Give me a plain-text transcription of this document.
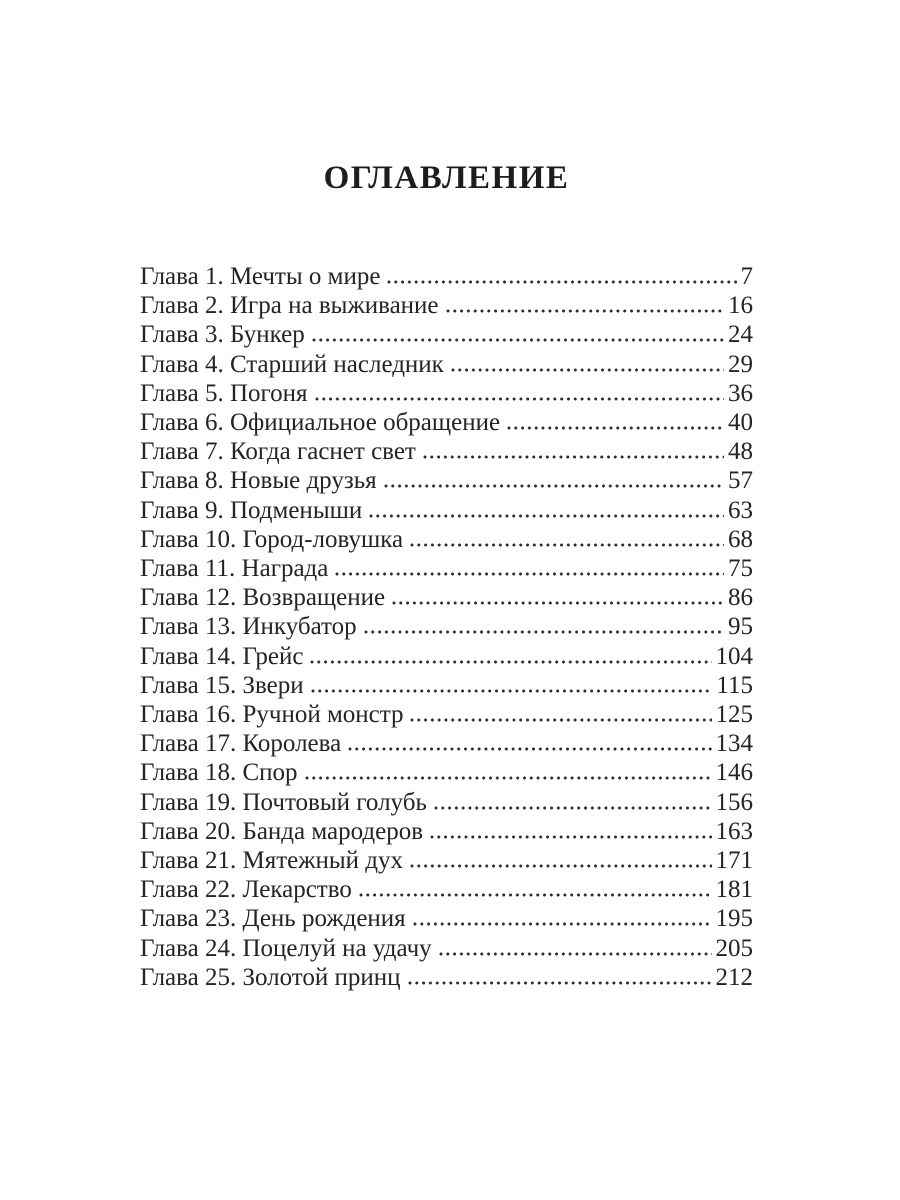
ОГЛАВЛЕНИЕ
Глава 1. Мечты о мире	7
Глава 2. Игра на выживание	16
Глава 3. Бункер	24
Глава 4. Старший наследник	29
Глава 5. Погоня	36
Глава 6. Официальное обращение	40
Глава 7. Когда гаснет свет	48
Глава 8. Новые друзья	57
Глава 9. Подменыши	63
Глава 10. Город-ловушка	68
Глава 11. Награда	75
Глава 12. Возвращение	86
Глава 13. Инкубатор	95
Глава 14. Грейс	104
Глава 15. Звери	115
Глава 16. Ручной монстр	125
Глава 17. Королева	134
Глава 18. Спор	146
Глава 19. Почтовый голубь	156
Глава 20. Банда мародеров	163
Глава 21. Мятежный дух	171
Глава 22. Лекарство	181
Глава 23. День рождения	195
Глава 24. Поцелуй на удачу	205
Глава 25. Золотой принц	212
